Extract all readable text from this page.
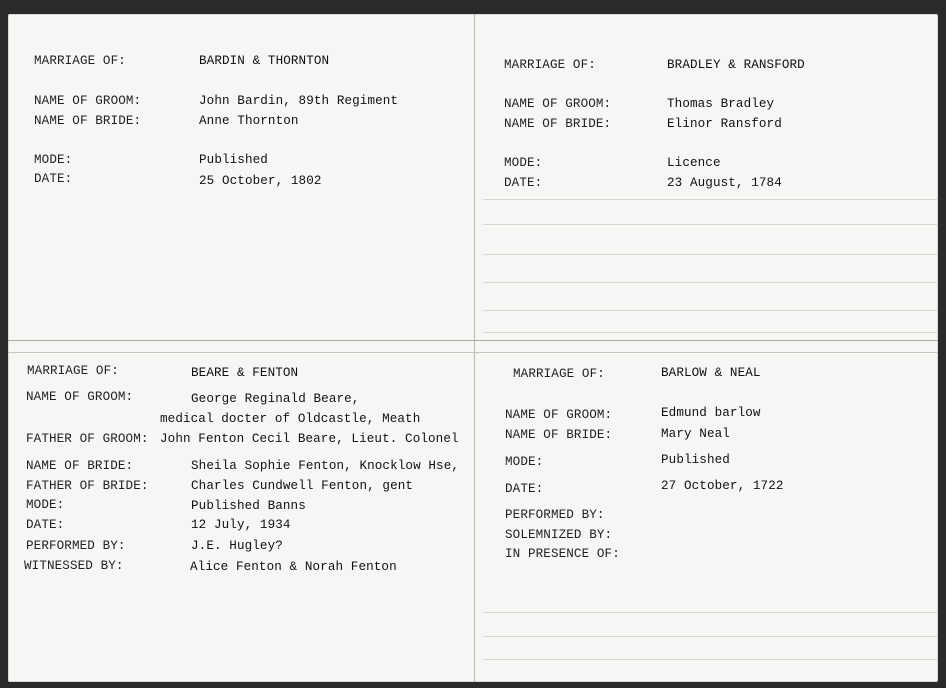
MARRIAGE OF:	BARDIN & THORNTON
NAME OF GROOM:	John Bardin, 89th Regiment
NAME OF BRIDE:	Anne Thornton
MODE:	Published
DATE:	25 October, 1802
MARRIAGE OF:	BRADLEY & RANSFORD
NAME OF GROOM:	Thomas Bradley
NAME OF BRIDE:	Elinor Ransford
MODE:	Licence
DATE:	23 August, 1784
MARRIAGE OF:	BEARE & FENTON
NAME OF GROOM:	George Reginald Beare,
medical docter of Oldcastle, Meath
FATHER OF GROOM: John Fenton Cecil Beare, Lieut. Colonel
NAME OF BRIDE:	Sheila Sophie Fenton, Knocklow Hse,
FATHER OF BRIDE:	Charles Cundwell Fenton, gent
MODE:	Published Banns
DATE:	12 July, 1934
PERFORMED BY:	J.E. Hugley?
WITNESSED BY:	Alice Fenton & Norah Fenton
MARRIAGE OF:	BARLOW & NEAL
NAME OF GROOM:	Edmund barlow
NAME OF BRIDE:	Mary Neal
MODE:	Published
DATE:	27 October, 1722
PERFORMED BY:
SOLEMNIZED BY:
IN PRESENCE OF:
